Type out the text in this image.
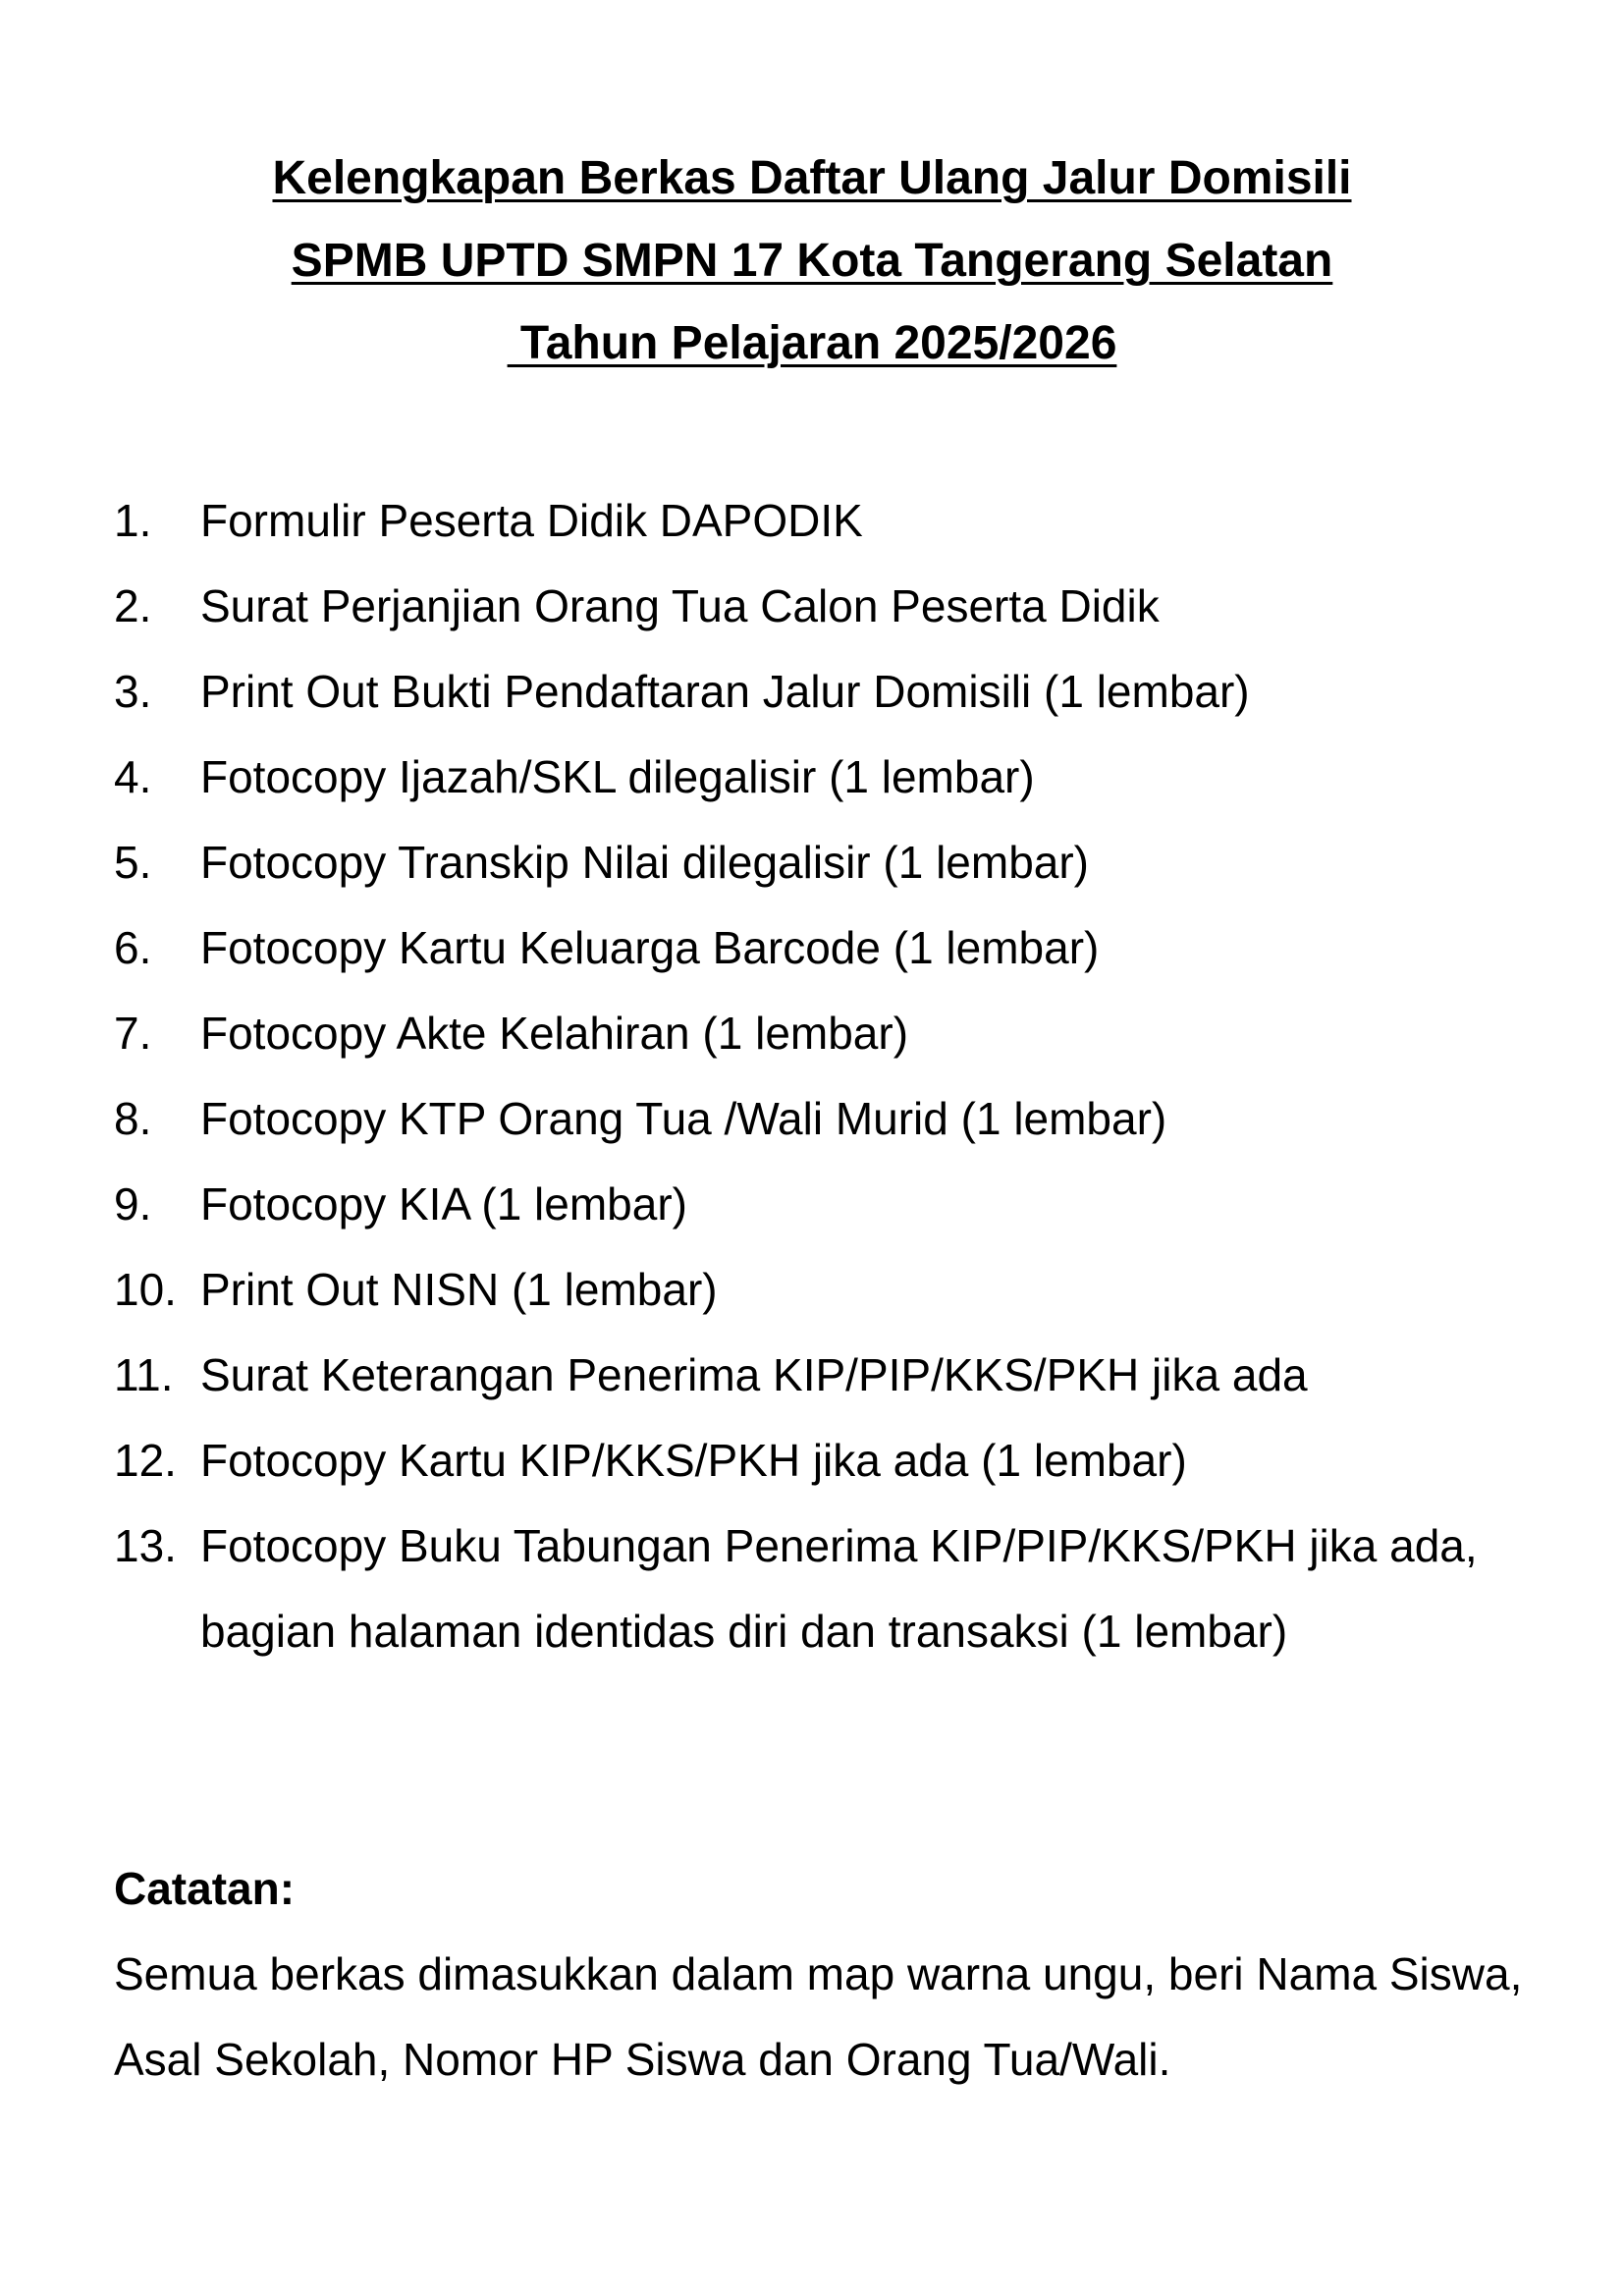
Kelengkapan Berkas Daftar Ulang Jalur Domisili
SPMB UPTD SMPN 17 Kota Tangerang Selatan
Tahun Pelajaran 2025/2026
1.	Formulir Peserta Didik DAPODIK
2.	Surat Perjanjian Orang Tua Calon Peserta Didik
3.	Print Out Bukti Pendaftaran Jalur Domisili (1 lembar)
4.	Fotocopy Ijazah/SKL dilegalisir (1 lembar)
5.	Fotocopy Transkip Nilai dilegalisir (1 lembar)
6.	Fotocopy Kartu Keluarga Barcode (1 lembar)
7.	Fotocopy Akte Kelahiran (1 lembar)
8.	Fotocopy KTP Orang Tua /Wali Murid (1 lembar)
9.	Fotocopy KIA (1 lembar)
10. Print Out NISN (1 lembar)
11. Surat Keterangan Penerima KIP/PIP/KKS/PKH jika ada
12. Fotocopy Kartu KIP/KKS/PKH jika ada (1 lembar)
13. Fotocopy Buku Tabungan Penerima KIP/PIP/KKS/PKH jika ada, bagian halaman identidas diri dan transaksi (1 lembar)
Catatan:
Semua berkas dimasukkan dalam map warna ungu, beri Nama Siswa, Asal Sekolah, Nomor HP Siswa dan Orang Tua/Wali.
